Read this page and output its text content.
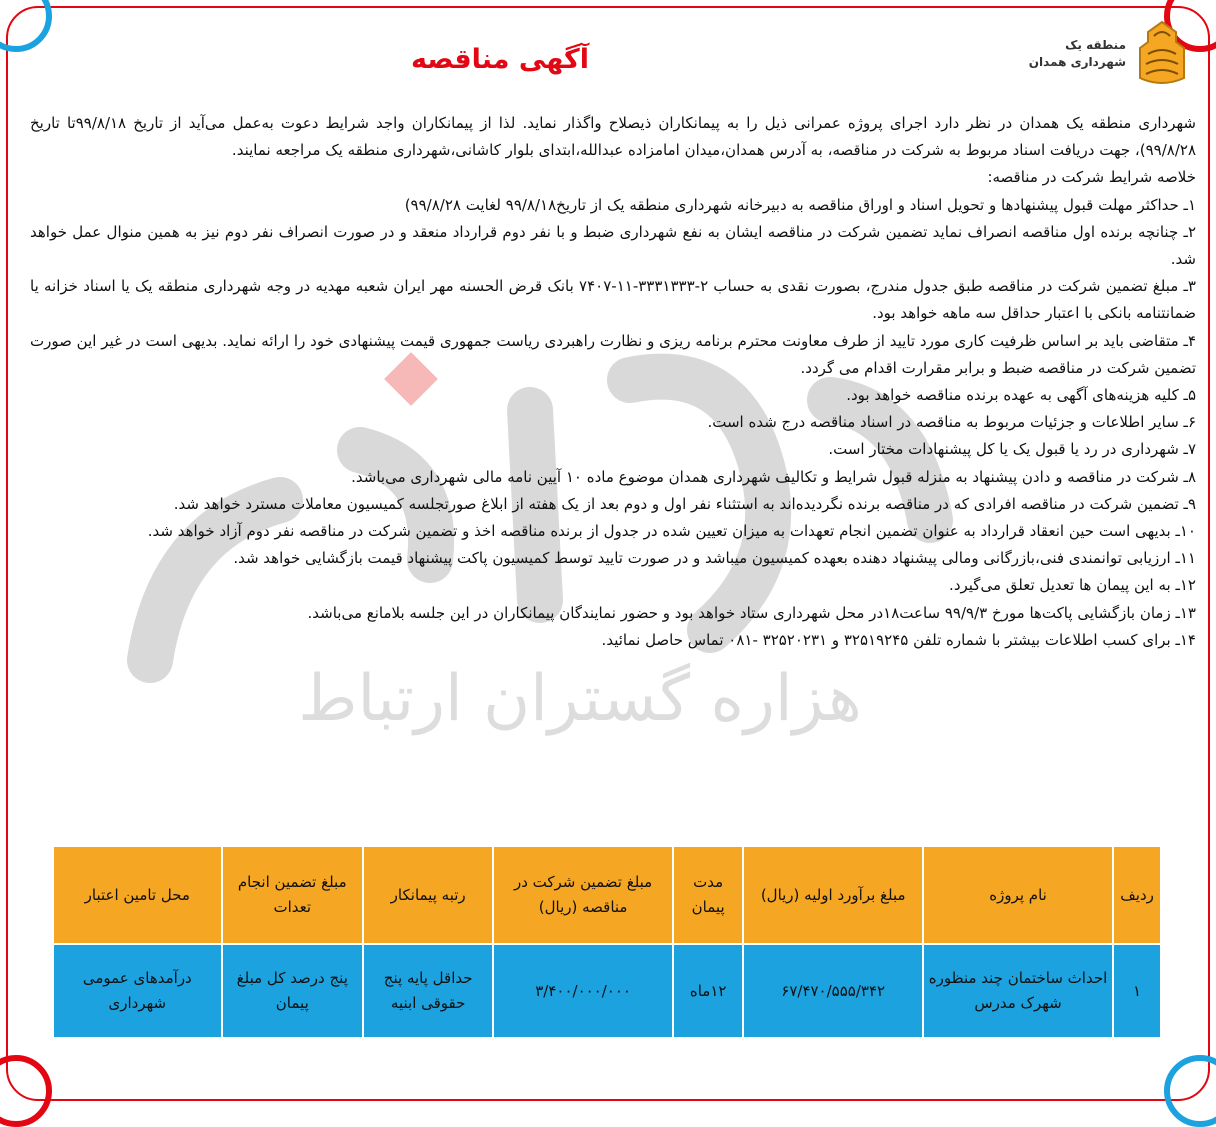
هزاره گستران ارتباط
منطقه یک
شهرداری همدان
آگهی مناقصه

شهرداری منطقه یک همدان در نظر دارد اجرای پروژه عمرانی ذیل را به پیمانکاران ذیصلاح واگذار نماید. لذا از پیمانکاران واجد شرایط دعوت به‌عمل می‌آید از تاریخ ۹۹/۸/۱۸تا تاریخ ۹۹/۸/۲۸)، جهت دریافت اسناد مربوط به شرکت در مناقصه، به آدرس همدان،میدان امامزاده عبدالله،ابتدای بلوار کاشانی،شهرداری منطقه یک مراجعه نمایند.

خلاصه شرایط شرکت در مناقصه:

۱ـ حداکثر مهلت قبول پیشنهادها و تحویل اسناد و اوراق مناقصه به دبیرخانه شهرداری منطقه یک از تاریخ۹۹/۸/۱۸ لغایت ۹۹/۸/۲۸)

۲ـ چنانچه برنده اول مناقصه انصراف نماید تضمین شرکت در مناقصه ایشان به نفع شهرداری ضبط و با نفر دوم قرارداد منعقد و در صورت انصراف نفر دوم نیز به همین منوال عمل خواهد شد.

۳ـ مبلغ تضمین شرکت در مناقصه طبق جدول مندرج، بصورت نقدی به حساب ۲-۳۳۳۱۳۳۳-۱۱-۷۴۰۷ بانک قرض الحسنه مهر ایران شعبه مهدیه در وجه شهرداری منطقه یک یا اسناد خزانه یا ضمانتنامه بانکی با اعتبار حداقل سه ماهه خواهد بود.

۴ـ متقاضی باید بر اساس ظرفیت کاری مورد تایید از طرف معاونت محترم برنامه ریزی و نظارت راهبردی ریاست جمهوری قیمت پیشنهادی خود را ارائه نماید. بدیهی است در غیر این صورت تضمین شرکت در مناقصه ضبط و برابر مقرارت اقدام می گردد.

۵ـ کلیه هزینه‌های آگهی به عهده برنده مناقصه خواهد بود.

۶ـ سایر اطلاعات و جزئیات مربوط به مناقصه در اسناد مناقصه درج شده است.

۷ـ شهرداری در رد یا قبول یک یا کل پیشنهادات مختار است.

۸ـ شرکت در مناقصه و دادن پیشنهاد به منزله قبول شرایط و تکالیف شهرداری همدان موضوع ماده ۱۰ آیین نامه مالی شهرداری می‌باشد.

۹ـ تضمین شرکت در مناقصه افرادی که در مناقصه برنده نگردیده‌اند به استثناء نفر اول و دوم بعد از یک هفته از ابلاغ صورتجلسه کمیسیون معاملات مسترد خواهد شد.

۱۰ـ بدیهی است حین انعقاد قرارداد به عنوان تضمین انجام تعهدات به میزان تعیین شده در جدول از برنده مناقصه اخذ و تضمین شرکت در مناقصه نفر دوم آزاد خواهد شد.

۱۱ـ ارزیابی توانمندی فنی،بازرگانی ومالی پیشنهاد دهنده بعهده کمیسیون میباشد و در صورت تایید توسط کمیسیون پاکت پیشنهاد قیمت بازگشایی خواهد شد.

۱۲ـ به این پیمان ها تعدیل تعلق می‌گیرد.

۱۳ـ زمان بازگشایی پاکت‌ها مورخ ۹۹/۹/۳ ساعت۱۸در محل شهرداری ستاد خواهد بود و حضور نمایندگان پیمانکاران در این جلسه بلامانع می‌باشد.

۱۴ـ برای کسب اطلاعات بیشتر با شماره تلفن ۳۲۵۱۹۲۴۵ و ۳۲۵۲۰۲۳۱ -۰۸۱ تماس حاصل نمائید.

ردیف	نام پروژه	مبلغ برآورد اولیه (ریال)	مدت پیمان	مبلغ تضمین شرکت در مناقصه (ریال)	رتبه پیمانکار	مبلغ تضمین انجام تعدات	محل تامین اعتبار
۱	احداث ساختمان چند منظوره شهرک مدرس	۶۷/۴۷۰/۵۵۵/۳۴۲	۱۲ماه	۳/۴۰۰/۰۰۰/۰۰۰	حداقل پایه پنج حقوقی ابنیه	پنج درصد کل مبلغ پیمان	درآمدهای عمومی شهرداری
